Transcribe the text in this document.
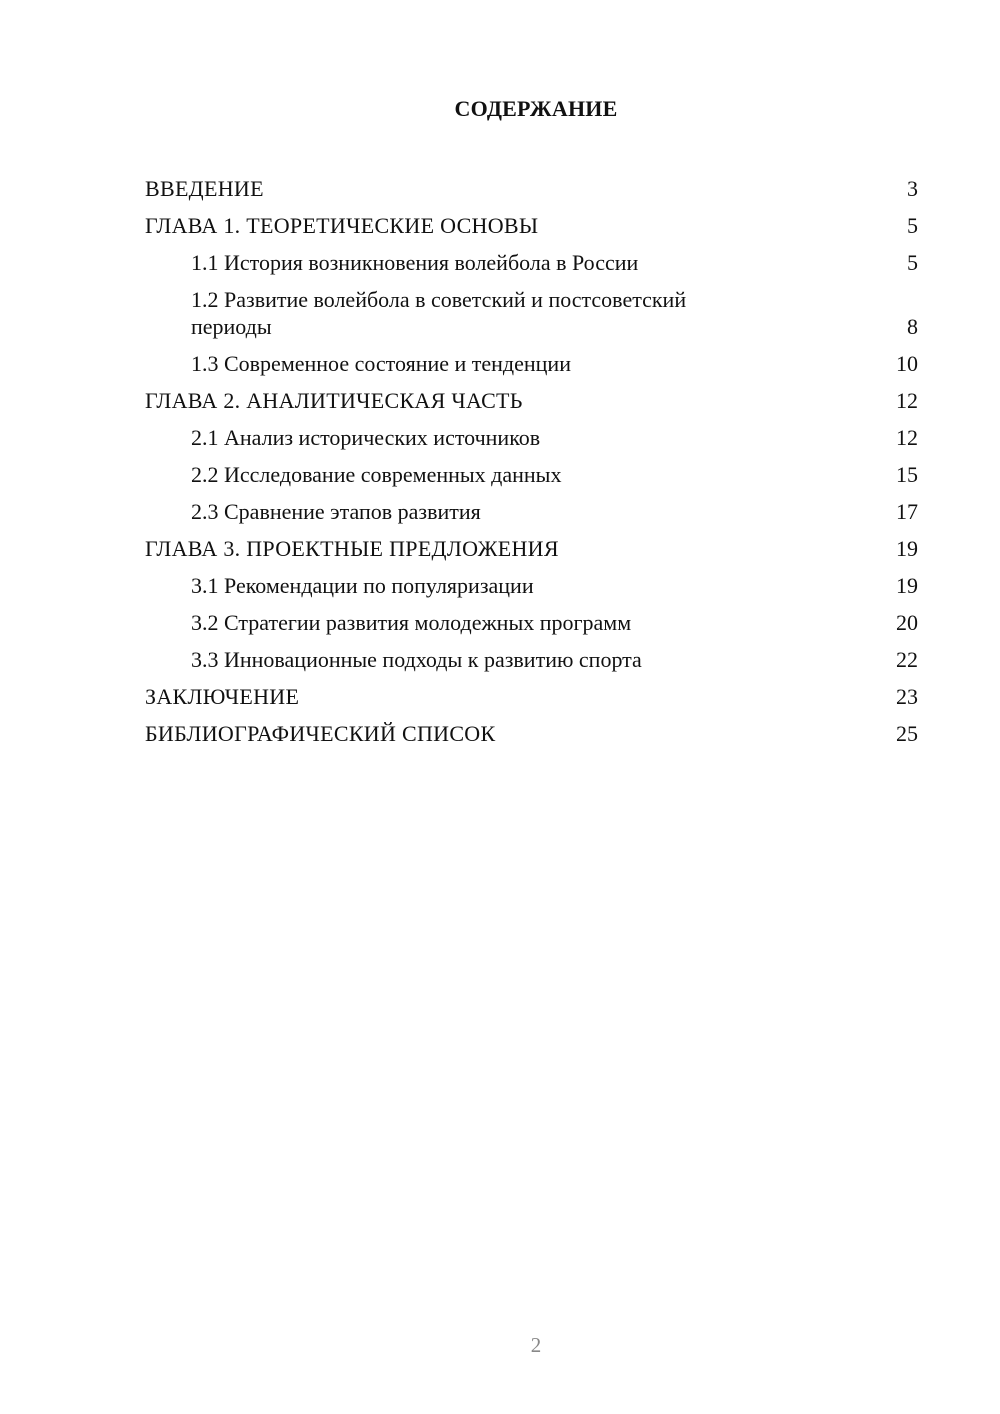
СОДЕРЖАНИЕ
ВВЕДЕНИЕ	3
ГЛАВА 1. ТЕОРЕТИЧЕСКИЕ ОСНОВЫ	5
1.1 История возникновения волейбола в России	5
1.2 Развитие волейбола в советский и постсоветский периоды	8
1.3 Современное состояние и тенденции	10
ГЛАВА 2. АНАЛИТИЧЕСКАЯ ЧАСТЬ	12
2.1 Анализ исторических источников	12
2.2 Исследование современных данных	15
2.3 Сравнение этапов развития	17
ГЛАВА 3. ПРОЕКТНЫЕ ПРЕДЛОЖЕНИЯ	19
3.1 Рекомендации по популяризации	19
3.2 Стратегии развития молодежных программ	20
3.3 Инновационные подходы к развитию спорта	22
ЗАКЛЮЧЕНИЕ	23
БИБЛИОГРАФИЧЕСКИЙ СПИСОК	25
2
